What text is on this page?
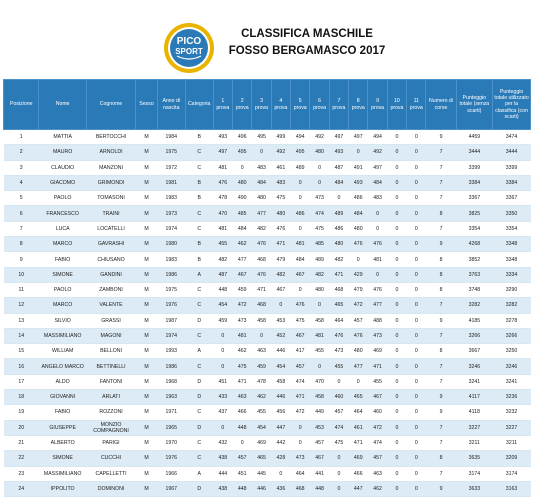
PICO
SPORT
CLASSIFICA MASCHILE
FOSSO BERGAMASCO 2017
Posizione	Nome	Cognome	Sesso	Anno di nascita	Categoria	1 prova	2 prova	3 prova	4 prova	5 prova	6 prova	7 prova	8 prova	9 prova	10 prova	11 prova	Numero di corse	Punteggio totale (senza scarti)	Punteggio totale utilizzato per la classifica (con scarti)
1	MATTIA	BERTOCCHI	M	1984	B	493	496	495	499	494	492	497	497	494	0	0	9	4459	3474
2	MAURO	ARNOLDI	M	1975	C	497	495	0	492	495	480	493	0	492	0	0	7	3444	3444
3	CLAUDIO	MANZONI	M	1972	C	481	0	483	461	489	0	487	491	497	0	0	7	3399	3399
4	GIACOMO	GRIMONDI	M	1981	B	476	480	484	483	0	0	484	493	484	0	0	7	3384	3384
5	PAOLO	TOMASONI	M	1983	B	478	490	480	475	0	473	0	486	483	0	0	7	3367	3367
6	FRANCESCO	TRAINI	M	1973	C	470	485	477	480	486	474	489	484	0	0	0	8	3825	3350
7	LUCA	LOCATELLI	M	1974	C	481	484	482	476	0	475	486	480	0	0	0	7	3354	3354
8	MARCO	GAVRASHI	M	1980	B	455	462	476	471	481	485	480	476	476	0	0	9	4268	3348
9	FABIO	CHIUSANO	M	1983	B	482	477	468	479	484	489	482	0	481	0	0	8	3852	3348
10	SIMONE	GANDINI	M	1986	A	487	467	476	482	467	482	471	429	0	0	0	8	3763	3334
11	PAOLO	ZAMBONI	M	1975	C	448	459	471	467	0	480	468	479	476	0	0	8	3748	3290
12	MARCO	VALENTE	M	1976	C	454	472	468	0	476	0	465	472	477	0	0	7	3282	3282
13	SILVIO	GRASSI	M	1987	D	459	473	458	453	475	458	464	457	488	0	0	9	4185	3278
14	MASSIMILIANO	MAGONI	M	1974	C	0	481	0	452	467	481	476	476	473	0	0	7	3266	3266
15	WILLIAM	BELLONI	M	1993	A	0	462	463	446	417	455	473	480	469	0	0	8	3667	3250
16	ANGELO MARCO	BETTINELLI	M	1986	C	0	475	459	454	457	0	455	477	471	0	0	7	3246	3246
17	ALDO	FANTONI	M	1968	D	451	471	478	458	474	470	0	0	455	0	0	7	3241	3241
18	GIOVANNI	ARLATI	M	1963	D	433	463	462	446	471	458	460	465	467	0	0	9	4117	3236
19	FABIO	ROZZONI	M	1971	C	437	466	455	456	472	449	457	464	460	0	0	9	4118	3232
20	GIUSEPPE	MONZIO COMPAGNONI	M	1965	D	0	448	454	447	0	453	474	461	472	0	0	7	3227	3227
21	ALBERTO	PARIGI	M	1970	C	432	0	469	442	0	457	475	471	474	0	0	7	3211	3211
22	SIMONE	CUCCHI	M	1976	C	438	457	465	428	473	467	0	469	457	0	0	8	3635	3209
23	MASSIMILIANO	CAPELLETTI	M	1966	A	444	451	445	0	464	441	0	466	463	0	0	7	3174	3174
24	IPPOLITO	DOMINONI	M	1967	D	438	448	446	436	468	448	0	447	462	0	0	9	3633	3163
